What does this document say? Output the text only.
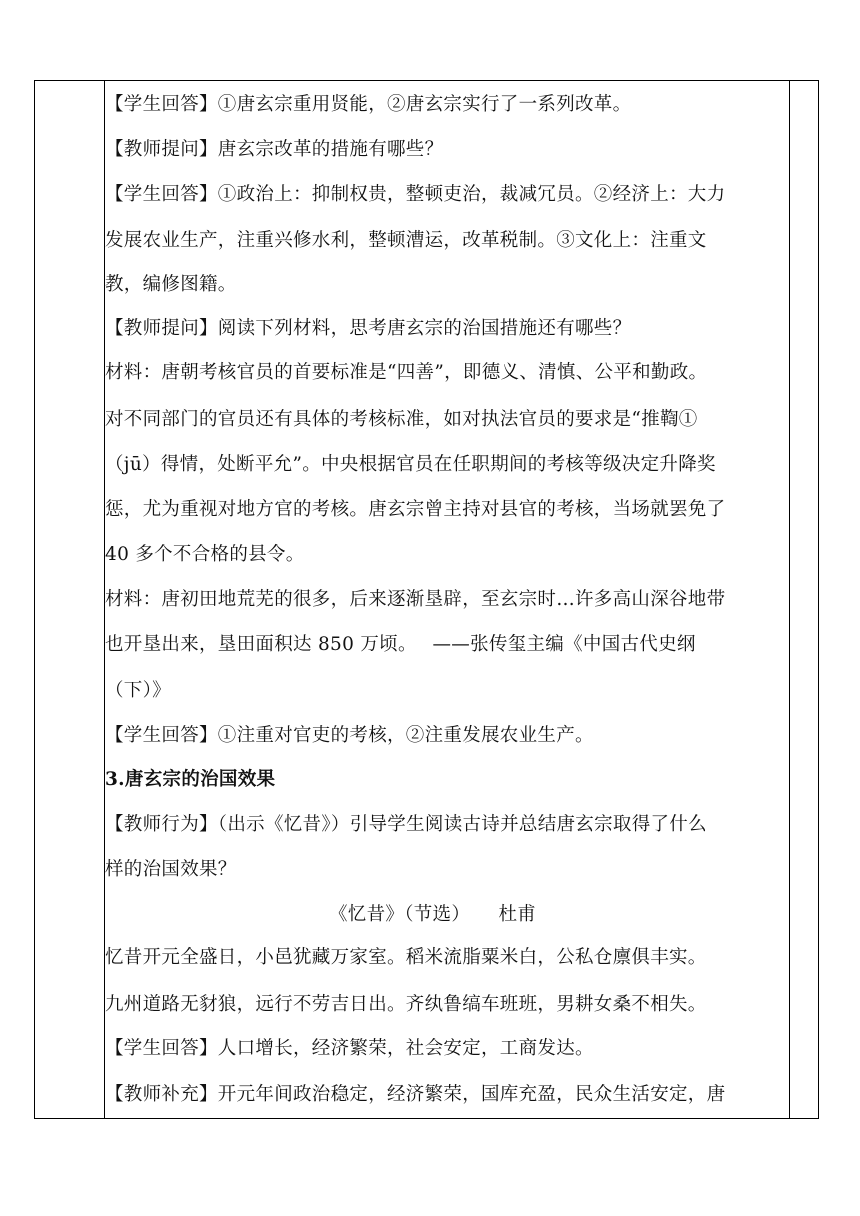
【学生回答】①唐玄宗重用贤能，②唐玄宗实行了一系列改革。
【教师提问】唐玄宗改革的措施有哪些？
【学生回答】①政治上：抑制权贵，整顿吏治，裁减冗员。②经济上：大力
发展农业生产，注重兴修水利，整顿漕运，改革税制。③文化上：注重文
教，编修图籍。
【教师提问】阅读下列材料，思考唐玄宗的治国措施还有哪些？
材料：唐朝考核官员的首要标准是“四善”，即德义、清慎、公平和勤政。
对不同部门的官员还有具体的考核标准，如对执法官员的要求是“推鞫①
（jū）得情，处断平允”。中央根据官员在任职期间的考核等级决定升降奖
惩，尤为重视对地方官的考核。唐玄宗曾主持对县官的考核，当场就罢免了
40 多个不合格的县令。
材料：唐初田地荒芜的很多，后来逐渐垦辟，至玄宗时…许多高山深谷地带
也开垦出来，垦田面积达 850 万顷。　 ——张传玺主编《中国古代史纲
（下）》
【学生回答】①注重对官吏的考核，②注重发展农业生产。
3.唐玄宗的治国效果
【教师行为】（出示《忆昔》）引导学生阅读古诗并总结唐玄宗取得了什么
样的治国效果？
《忆昔》（节选）　　杜甫
忆昔开元全盛日，小邑犹藏万家室。稻米流脂粟米白，公私仓廪俱丰实。
九州道路无豺狼，远行不劳吉日出。齐纨鲁缟车班班，男耕女桑不相失。
【学生回答】人口增长，经济繁荣，社会安定，工商发达。
【教师补充】开元年间政治稳定，经济繁荣，国库充盈，民众生活安定，唐
